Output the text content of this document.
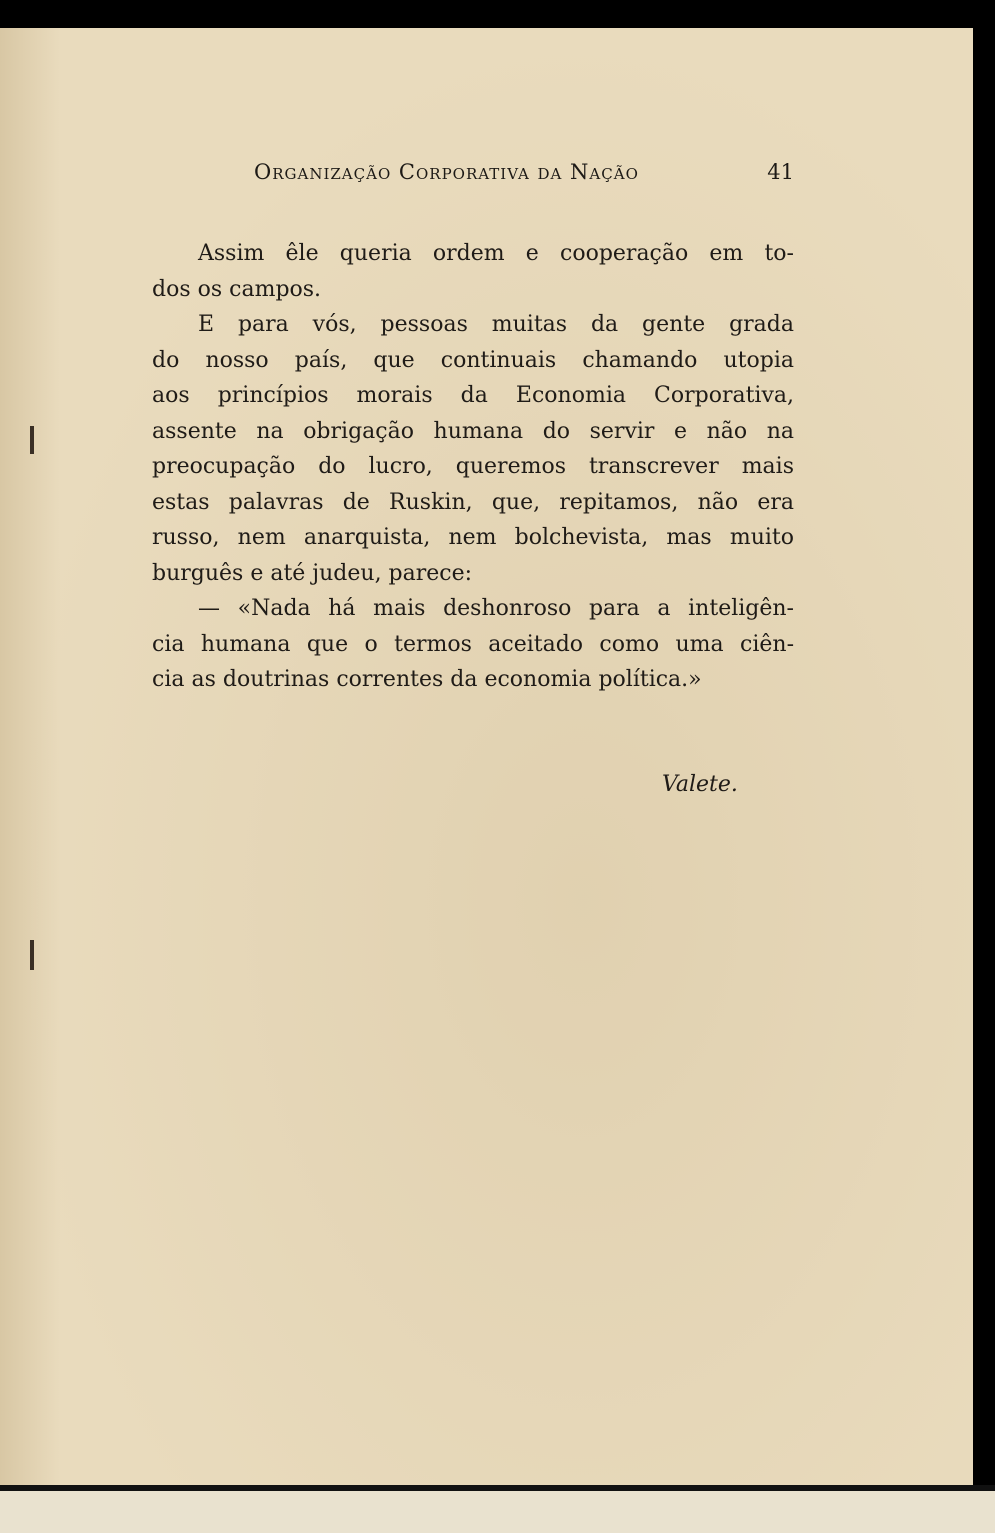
Organização Corporativa da Nação	41
Assim êle queria ordem e cooperação em to-
dos os campos.
E para vós, pessoas muitas da gente grada
do nosso país, que continuais chamando utopia
aos princípios morais da Economia Corporativa,
assente na obrigação humana do servir e não na
preocupação do lucro, queremos transcrever mais
estas palavras de Ruskin, que, repitamos, não era
russo, nem anarquista, nem bolchevista, mas muito
burguês e até judeu, parece:
— «Nada há mais deshonroso para a inteligên-
cia humana que o termos aceitado como uma ciên-
cia as doutrinas correntes da economia política.»
Valete.
